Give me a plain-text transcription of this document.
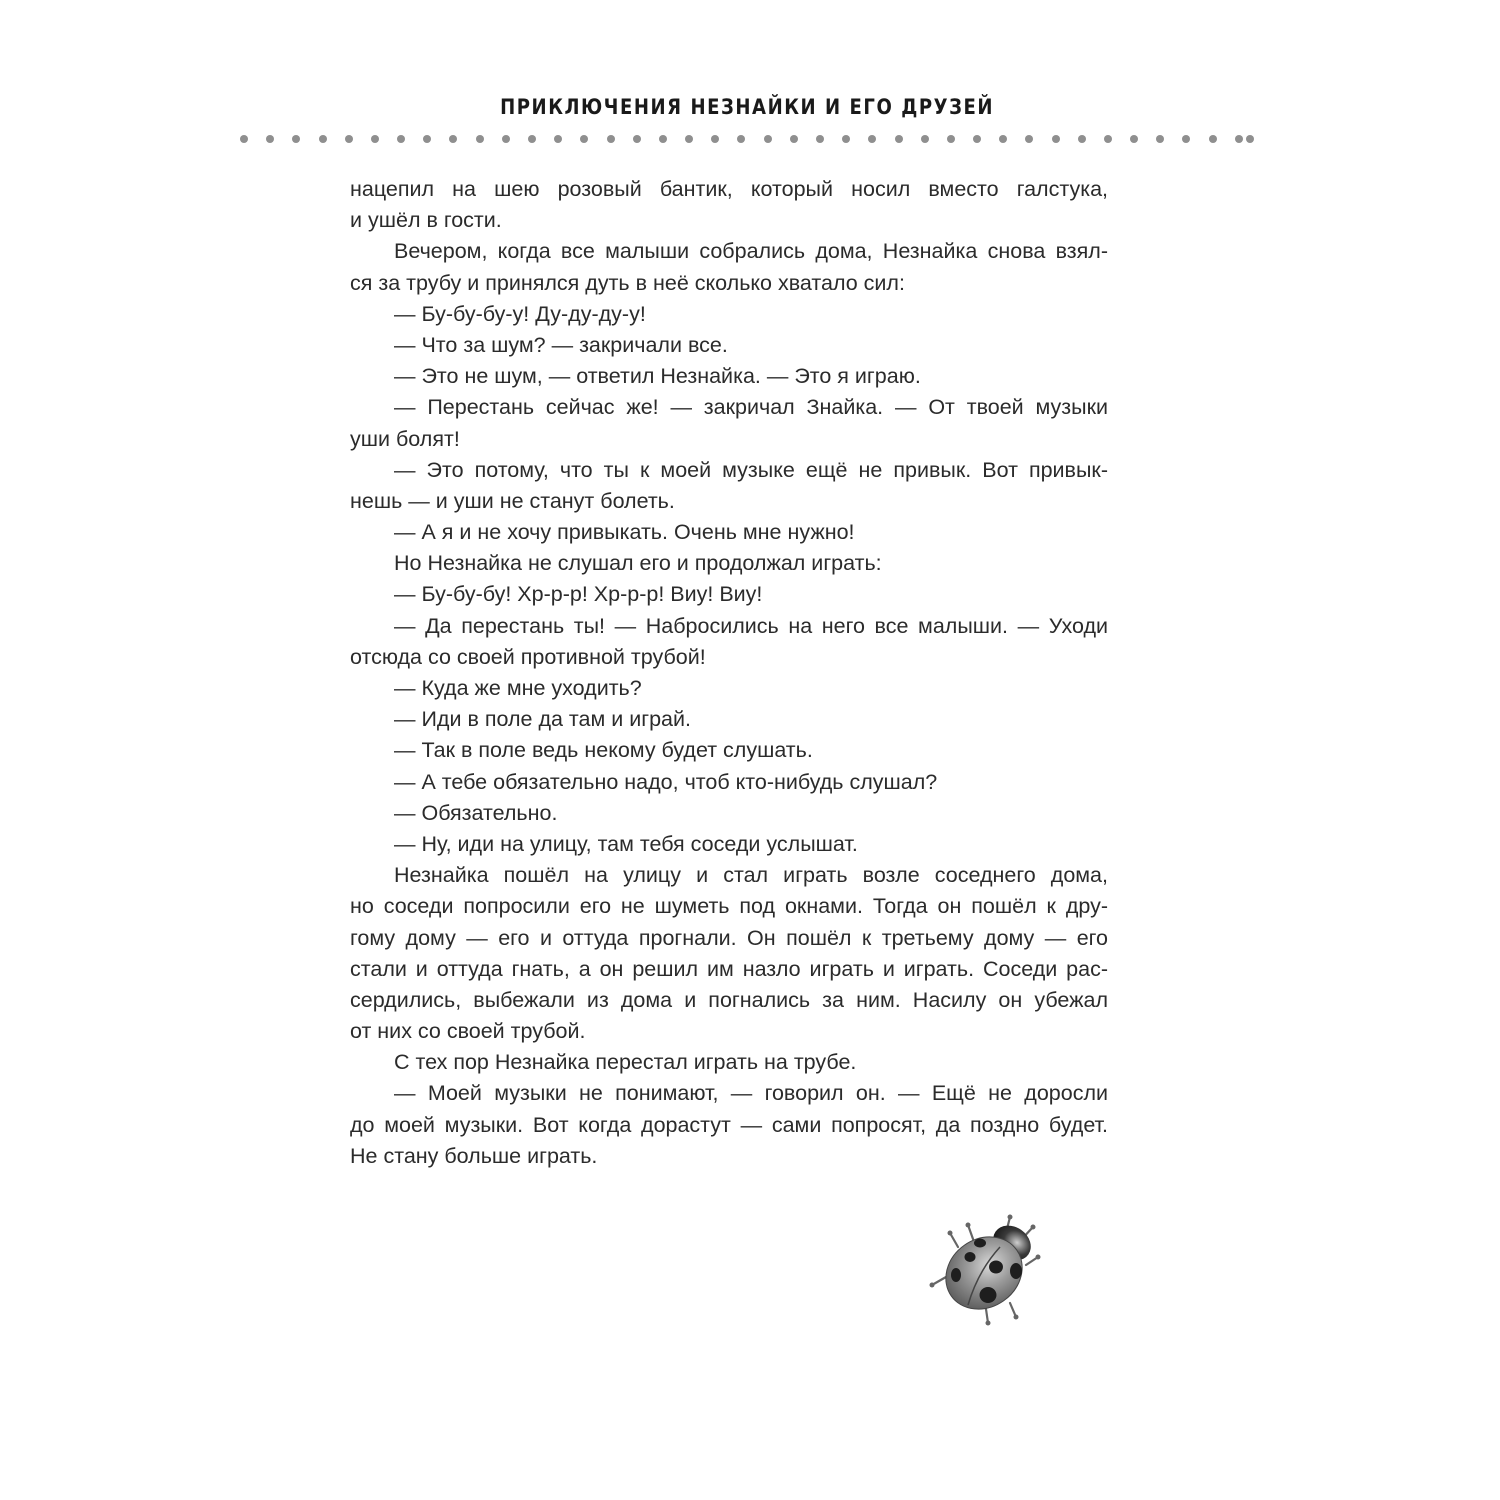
ПРИКЛЮЧЕНИЯ НЕЗНАЙКИ И ЕГО ДРУЗЕЙ
нацепил на шею розовый бантик, который носил вместо галстука,
и ушёл в гости.
Вечером, когда все малыши собрались дома, Незнайка снова взял-
ся за трубу и принялся дуть в неё сколько хватало сил:
— Бу-бу-бу-у! Ду-ду-ду-у!
— Что за шум? — закричали все.
— Это не шум, — ответил Незнайка. — Это я играю.
— Перестань сейчас же! — закричал Знайка. — От твоей музыки
уши болят!
— Это потому, что ты к моей музыке ещё не привык. Вот привык-
нешь — и уши не станут болеть.
— А я и не хочу привыкать. Очень мне нужно!
Но Незнайка не слушал его и продолжал играть:
— Бу-бу-бу! Хр-р-р! Хр-р-р! Виу! Виу!
— Да перестань ты! — Набросились на него все малыши. — Уходи
отсюда со своей противной трубой!
— Куда же мне уходить?
— Иди в поле да там и играй.
— Так в поле ведь некому будет слушать.
— А тебе обязательно надо, чтоб кто-нибудь слушал?
— Обязательно.
— Ну, иди на улицу, там тебя соседи услышат.
Незнайка пошёл на улицу и стал играть возле соседнего дома,
но соседи попросили его не шуметь под окнами. Тогда он пошёл к дру-
гому дому — его и оттуда прогнали. Он пошёл к третьему дому — его
стали и оттуда гнать, а он решил им назло играть и играть. Соседи рас-
сердились, выбежали из дома и погнались за ним. Насилу он убежал
от них со своей трубой.
С тех пор Незнайка перестал играть на трубе.
— Моей музыки не понимают, — говорил он. — Ещё не доросли
до моей музыки. Вот когда дорастут — сами попросят, да поздно будет.
Не стану больше играть.
